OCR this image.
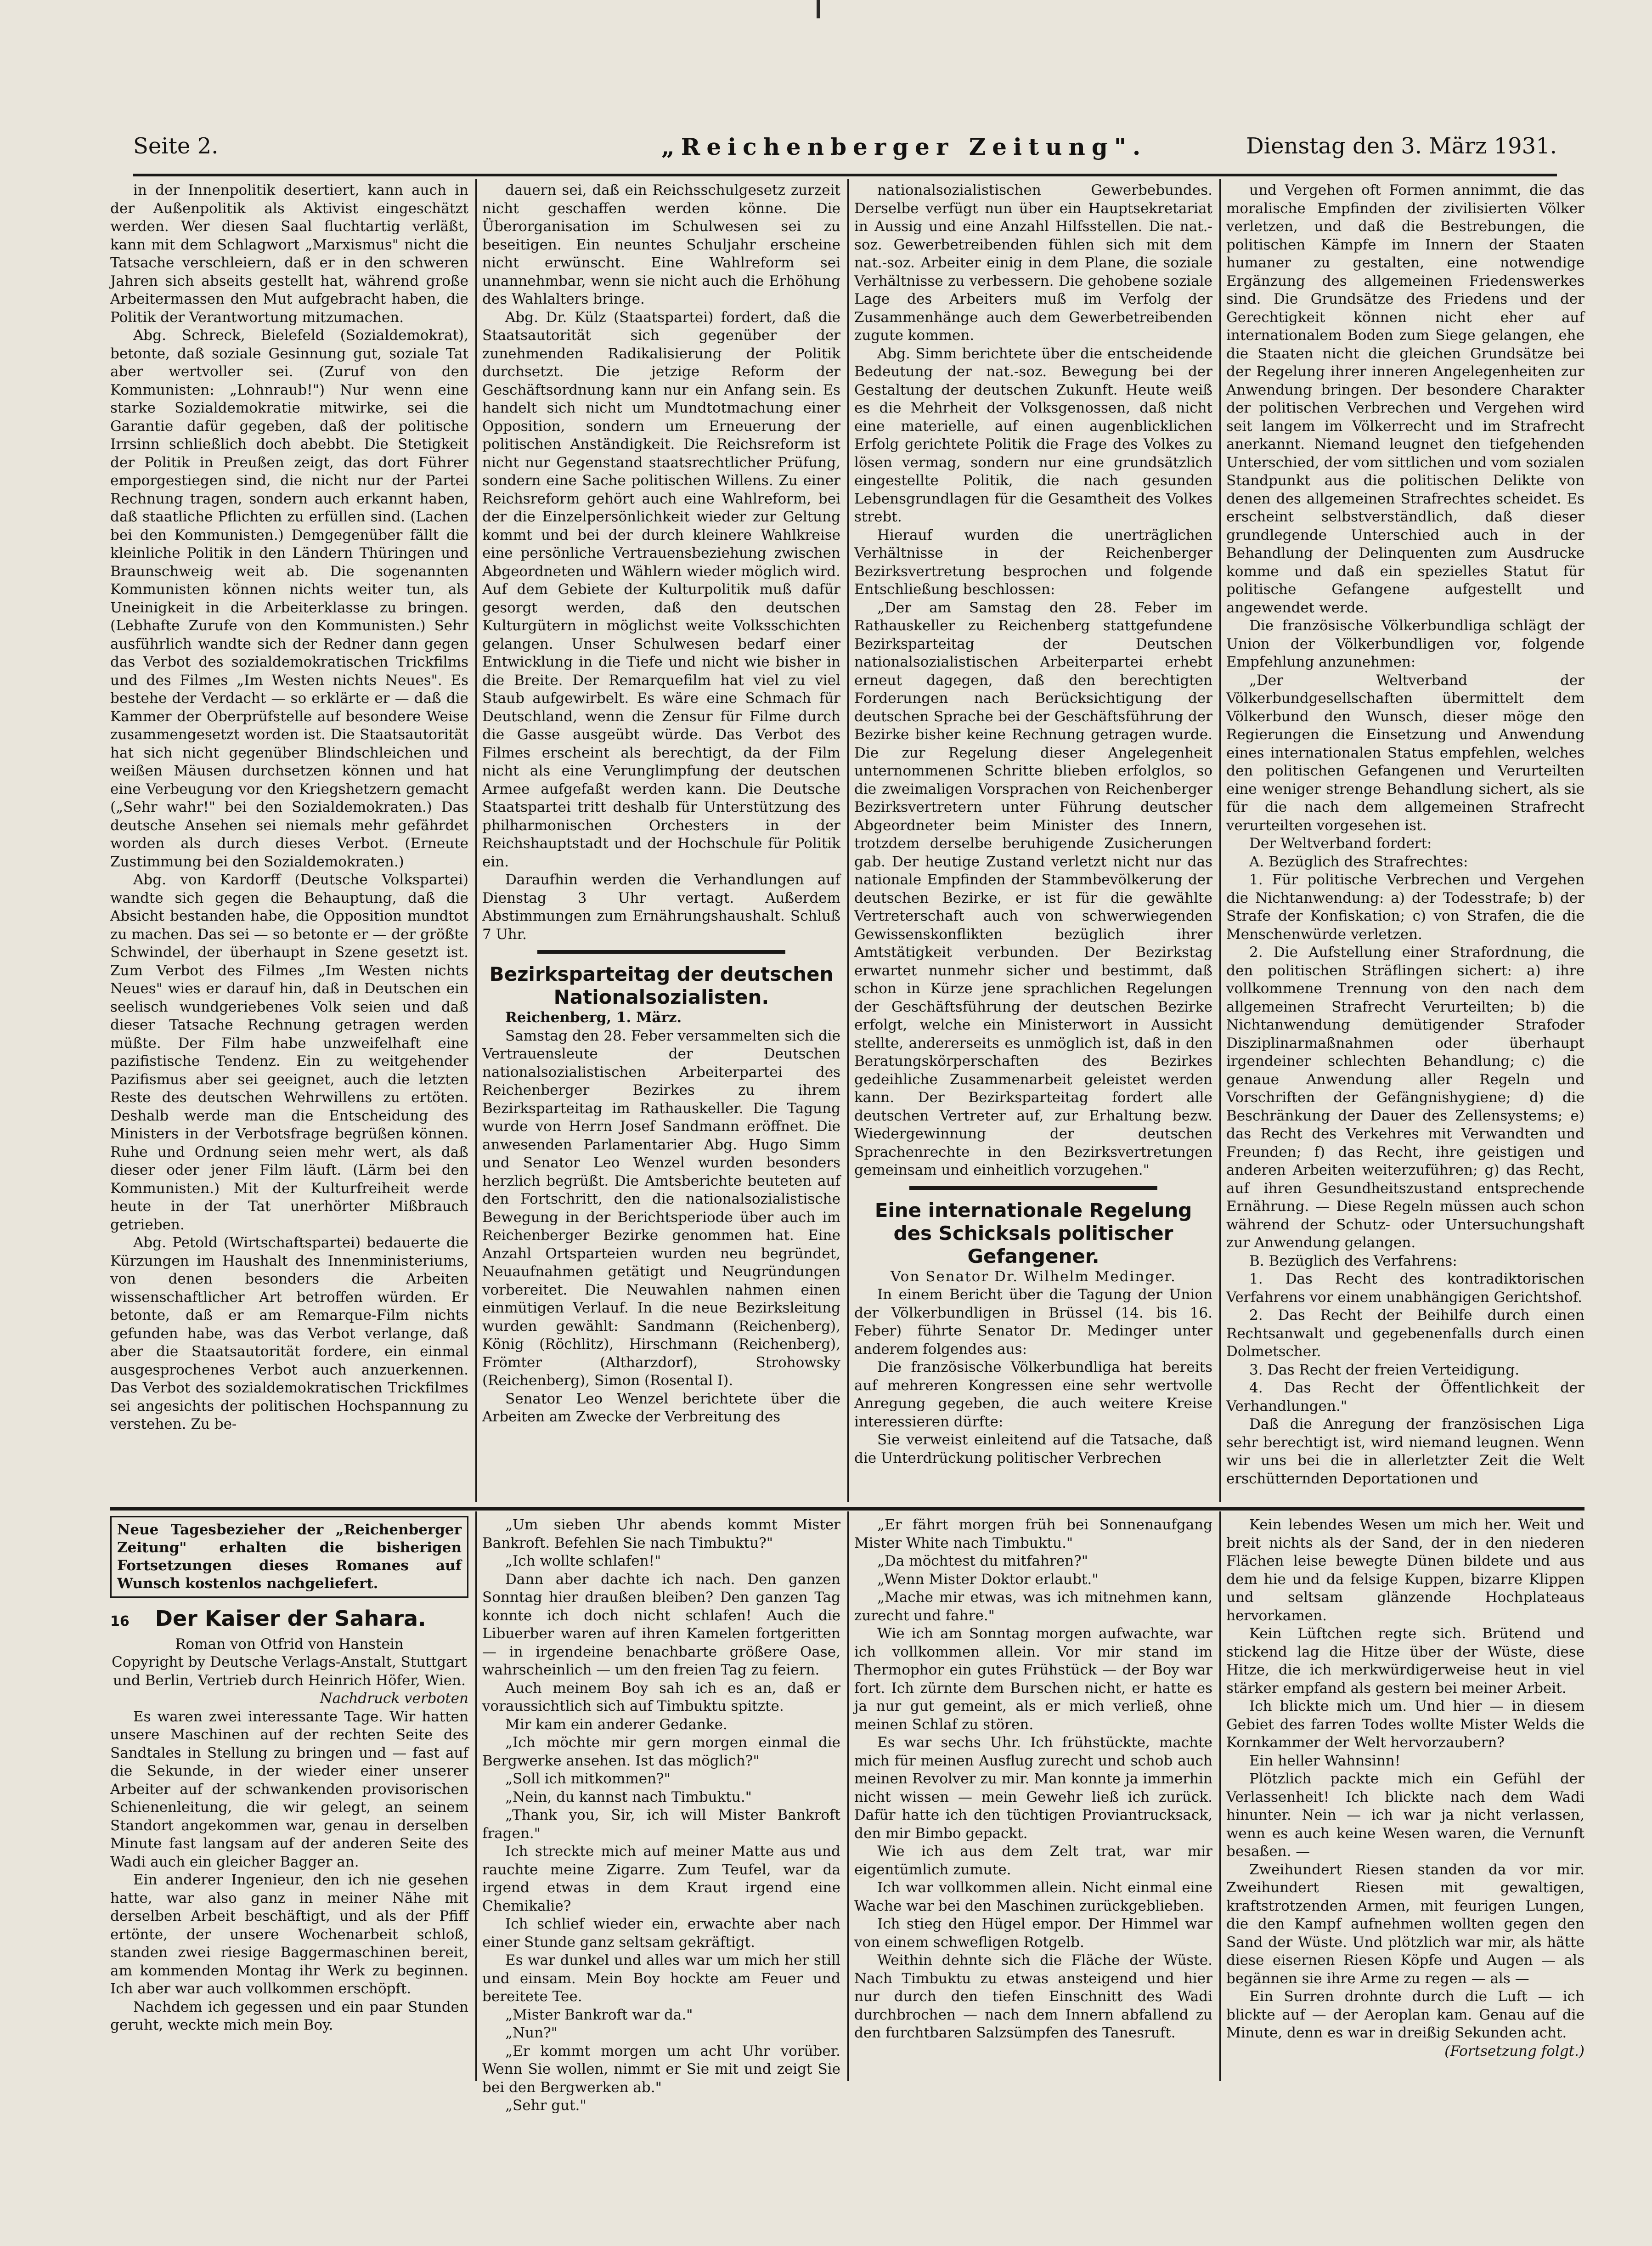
Seite 2.	„Reichenberger Zeitung".	Dienstag den 3. März 1931.

in der Innenpolitik desertiert, kann auch in der Außenpolitik als Aktivist eingeschätzt werden. Wer diesen Saal fluchtartig verläßt, kann mit dem Schlagwort „Marxismus" nicht die Tatsache verschleiern, daß er in den schweren Jahren sich abseits gestellt hat, während große Arbeitermassen den Mut aufgebracht haben, die Politik der Verantwortung mitzumachen.

Abg. Schreck, Bielefeld (Sozialdemokrat), betonte, daß soziale Gesinnung gut, soziale Tat aber wertvoller sei. (Zuruf von den Kommunisten: „Lohnraub!") Nur wenn eine starke Sozialdemokratie mitwirke, sei die Garantie dafür gegeben, daß der politische Irrsinn schließlich doch abebbt. Die Stetigkeit der Politik in Preußen zeigt, das dort Führer emporgestiegen sind, die nicht nur der Partei Rechnung tragen, sondern auch erkannt haben, daß staatliche Pflichten zu erfüllen sind. (Lachen bei den Kommunisten.) Demgegenüber fällt die kleinliche Politik in den Ländern Thüringen und Braunschweig weit ab. Die sogenannten Kommunisten können nichts weiter tun, als Uneinigkeit in die Arbeiterklasse zu bringen. (Lebhafte Zurufe von den Kommunisten.) Sehr ausführlich wandte sich der Redner dann gegen das Verbot des sozialdemokratischen Trickfilms und des Filmes „Im Westen nichts Neues". Es bestehe der Verdacht — so erklärte er — daß die Kammer der Oberprüfstelle auf besondere Weise zusammengesetzt worden ist. Die Staatsautorität hat sich nicht gegenüber Blindschleichen und weißen Mäusen durchsetzen können und hat eine Verbeugung vor den Kriegshetzern gemacht („Sehr wahr!" bei den Sozialdemokraten.) Das deutsche Ansehen sei niemals mehr gefährdet worden als durch dieses Verbot. (Erneute Zustimmung bei den Sozialdemokraten.)

Abg. von Kardorff (Deutsche Volkspartei) wandte sich gegen die Behauptung, daß die Absicht bestanden habe, die Opposition mundtot zu machen. Das sei — so betonte er — der größte Schwindel, der überhaupt in Szene gesetzt ist. Zum Verbot des Filmes „Im Westen nichts Neues" wies er darauf hin, daß in Deutschen ein seelisch wundgeriebenes Volk seien und daß dieser Tatsache Rechnung getragen werden müßte. Der Film habe unzweifelhaft eine pazifistische Tendenz. Ein zu weitgehender Pazifismus aber sei geeignet, auch die letzten Reste des deutschen Wehrwillens zu ertöten. Deshalb werde man die Entscheidung des Ministers in der Verbotsfrage begrüßen können. Ruhe und Ordnung seien mehr wert, als daß dieser oder jener Film läuft. (Lärm bei den Kommunisten.) Mit der Kulturfreiheit werde heute in der Tat unerhörter Mißbrauch getrieben.

Abg. Petold (Wirtschaftspartei) bedauerte die Kürzungen im Haushalt des Innenministeriums, von denen besonders die Arbeiten wissenschaftlicher Art betroffen würden. Er betonte, daß er am Remarque-Film nichts gefunden habe, was das Verbot verlange, daß aber die Staatsautorität fordere, ein einmal ausgesprochenes Verbot auch anzuerkennen. Das Verbot des sozialdemokratischen Trickfilmes sei angesichts der politischen Hochspannung zu verstehen. Zu be-

dauern sei, daß ein Reichsschulgesetz zurzeit nicht geschaffen werden könne. Die Überorganisation im Schulwesen sei zu beseitigen. Ein neuntes Schuljahr erscheine nicht erwünscht. Eine Wahlreform sei unannehmbar, wenn sie nicht auch die Erhöhung des Wahlalters bringe.

Abg. Dr. Külz (Staatspartei) fordert, daß die Staatsautorität sich gegenüber der zunehmenden Radikalisierung der Politik durchsetzt. Die jetzige Reform der Geschäftsordnung kann nur ein Anfang sein. Es handelt sich nicht um Mundtotmachung einer Opposition, sondern um Erneuerung der politischen Anständigkeit. Die Reichsreform ist nicht nur Gegenstand staatsrechtlicher Prüfung, sondern eine Sache politischen Willens. Zu einer Reichsreform gehört auch eine Wahlreform, bei der die Einzelpersönlichkeit wieder zur Geltung kommt und bei der durch kleinere Wahlkreise eine persönliche Vertrauensbeziehung zwischen Abgeordneten und Wählern wieder möglich wird. Auf dem Gebiete der Kulturpolitik muß dafür gesorgt werden, daß den deutschen Kulturgütern in möglichst weite Volksschichten gelangen. Unser Schulwesen bedarf einer Entwicklung in die Tiefe und nicht wie bisher in die Breite. Der Remarquefilm hat viel zu viel Staub aufgewirbelt. Es wäre eine Schmach für Deutschland, wenn die Zensur für Filme durch die Gasse ausgeübt würde. Das Verbot des Filmes erscheint als berechtigt, da der Film nicht als eine Verunglimpfung der deutschen Armee aufgefaßt werden kann. Die Deutsche Staatspartei tritt deshalb für Unterstützung des philharmonischen Orchesters in der Reichshauptstadt und der Hochschule für Politik ein.

Daraufhin werden die Verhandlungen auf Dienstag 3 Uhr vertagt. Außerdem Abstimmungen zum Ernährungshaushalt. Schluß 7 Uhr.

Bezirksparteitag der deutschen Nationalsozialisten.

Reichenberg, 1. März.

Samstag den 28. Feber versammelten sich die Vertrauensleute der Deutschen nationalsozialistischen Arbeiterpartei des Reichenberger Bezirkes zu ihrem Bezirksparteitag im Rathauskeller. Die Tagung wurde von Herrn Josef Sandmann eröffnet. Die anwesenden Parlamentarier Abg. Hugo Simm und Senator Leo Wenzel wurden besonders herzlich begrüßt. Die Amtsberichte beuteten auf den Fortschritt, den die nationalsozialistische Bewegung in der Berichtsperiode über auch im Reichenberger Bezirke genommen hat. Eine Anzahl Ortsparteien wurden neu begründet, Neuaufnahmen getätigt und Neugründungen vorbereitet. Die Neuwahlen nahmen einen einmütigen Verlauf. In die neue Bezirksleitung wurden gewählt: Sandmann (Reichenberg), König (Röchlitz), Hirschmann (Reichenberg), Frömter (Altharzdorf), Strohowsky (Reichenberg), Simon (Rosental I).

Senator Leo Wenzel berichtete über die Arbeiten am Zwecke der Verbreitung des

nationalsozialistischen Gewerbebundes. Derselbe verfügt nun über ein Hauptsekretariat in Aussig und eine Anzahl Hilfsstellen. Die nat.-soz. Gewerbetreibenden fühlen sich mit dem nat.-soz. Arbeiter einig in dem Plane, die soziale Verhältnisse zu verbessern. Die gehobene soziale Lage des Arbeiters muß im Verfolg der Zusammenhänge auch dem Gewerbetreibenden zugute kommen.

Abg. Simm berichtete über die entscheidende Bedeutung der nat.-soz. Bewegung bei der Gestaltung der deutschen Zukunft. Heute weiß es die Mehrheit der Volksgenossen, daß nicht eine materielle, auf einen augenblicklichen Erfolg gerichtete Politik die Frage des Volkes zu lösen vermag, sondern nur eine grundsätzlich eingestellte Politik, die nach gesunden Lebensgrundlagen für die Gesamtheit des Volkes strebt.

Hierauf wurden die unerträglichen Verhältnisse in der Reichenberger Bezirksvertretung besprochen und folgende Entschließung beschlossen:

„Der am Samstag den 28. Feber im Rathauskeller zu Reichenberg stattgefundene Bezirksparteitag der Deutschen nationalsozialistischen Arbeiterpartei erhebt erneut dagegen, daß den berechtigten Forderungen nach Berücksichtigung der deutschen Sprache bei der Geschäftsführung der Bezirke bisher keine Rechnung getragen wurde. Die zur Regelung dieser Angelegenheit unternommenen Schritte blieben erfolglos, so die zweimaligen Vorsprachen von Reichenberger Bezirksvertretern unter Führung deutscher Abgeordneter beim Minister des Innern, trotzdem derselbe beruhigende Zusicherungen gab. Der heutige Zustand verletzt nicht nur das nationale Empfinden der Stammbevölkerung der deutschen Bezirke, er ist für die gewählte Vertreterschaft auch von schwerwiegenden Gewissenskonflikten bezüglich ihrer Amtstätigkeit verbunden. Der Bezirkstag erwartet nunmehr sicher und bestimmt, daß schon in Kürze jene sprachlichen Regelungen der Geschäftsführung der deutschen Bezirke erfolgt, welche ein Ministerwort in Aussicht stellte, andererseits es unmöglich ist, daß in den Beratungskörperschaften des Bezirkes gedeihliche Zusammenarbeit geleistet werden kann. Der Bezirksparteitag fordert alle deutschen Vertreter auf, zur Erhaltung bezw. Wiedergewinnung der deutschen Sprachenrechte in den Bezirksvertretungen gemeinsam und einheitlich vorzugehen."

Eine internationale Regelung des Schicksals politischer Gefangener.

Von Senator Dr. Wilhelm Medinger.

In einem Bericht über die Tagung der Union der Völkerbundligen in Brüssel (14. bis 16. Feber) führte Senator Dr. Medinger unter anderem folgendes aus:

Die französische Völkerbundliga hat bereits auf mehreren Kongressen eine sehr wertvolle Anregung gegeben, die auch weitere Kreise interessieren dürfte:

Sie verweist einleitend auf die Tatsache, daß die Unterdrückung politischer Verbrechen

und Vergehen oft Formen annimmt, die das moralische Empfinden der zivilisierten Völker verletzen, und daß die Bestrebungen, die politischen Kämpfe im Innern der Staaten humaner zu gestalten, eine notwendige Ergänzung des allgemeinen Friedenswerkes sind. Die Grundsätze des Friedens und der Gerechtigkeit können nicht eher auf internationalem Boden zum Siege gelangen, ehe die Staaten nicht die gleichen Grundsätze bei der Regelung ihrer inneren Angelegenheiten zur Anwendung bringen. Der besondere Charakter der politischen Verbrechen und Vergehen wird seit langem im Völkerrecht und im Strafrecht anerkannt. Niemand leugnet den tiefgehenden Unterschied, der vom sittlichen und vom sozialen Standpunkt aus die politischen Delikte von denen des allgemeinen Strafrechtes scheidet. Es erscheint selbstverständlich, daß dieser grundlegende Unterschied auch in der Behandlung der Delinquenten zum Ausdrucke komme und daß ein spezielles Statut für politische Gefangene aufgestellt und angewendet werde.

Die französische Völkerbundliga schlägt der Union der Völkerbundligen vor, folgende Empfehlung anzunehmen:

„Der Weltverband der Völkerbundgesellschaften übermittelt dem Völkerbund den Wunsch, dieser möge den Regierungen die Einsetzung und Anwendung eines internationalen Status empfehlen, welches den politischen Gefangenen und Verurteilten eine weniger strenge Behandlung sichert, als sie für die nach dem allgemeinen Strafrecht verurteilten vorgesehen ist.

Der Weltverband fordert:

A. Bezüglich des Strafrechtes:

1. Für politische Verbrechen und Vergehen die Nichtanwendung: a) der Todesstrafe; b) der Strafe der Konfiskation; c) von Strafen, die die Menschenwürde verletzen.

2. Die Aufstellung einer Strafordnung, die den politischen Sträflingen sichert: a) ihre vollkommene Trennung von den nach dem allgemeinen Strafrecht Verurteilten; b) die Nichtanwendung demütigender Strafoder Disziplinarmaßnahmen oder überhaupt irgendeiner schlechten Behandlung; c) die genaue Anwendung aller Regeln und Vorschriften der Gefängnishygiene; d) die Beschränkung der Dauer des Zellensystems; e) das Recht des Verkehres mit Verwandten und Freunden; f) das Recht, ihre geistigen und anderen Arbeiten weiterzuführen; g) das Recht, auf ihren Gesundheitszustand entsprechende Ernährung. — Diese Regeln müssen auch schon während der Schutz- oder Untersuchungshaft zur Anwendung gelangen.

B. Bezüglich des Verfahrens:

1. Das Recht des kontradiktorischen Verfahrens vor einem unabhängigen Gerichtshof.

2. Das Recht der Beihilfe durch einen Rechtsanwalt und gegebenenfalls durch einen Dolmetscher.

3. Das Recht der freien Verteidigung.

4. Das Recht der Öffentlichkeit der Verhandlungen."

Daß die Anregung der französischen Liga sehr berechtigt ist, wird niemand leugnen. Wenn wir uns bei die in allerletzter Zeit die Welt erschütternden Deportationen und

Neue Tagesbezieher der „Reichenberger Zeitung" erhalten die bisherigen Fortsetzungen dieses Romanes auf Wunsch kostenlos nachgeliefert.

16 Der Kaiser der Sahara.

Roman von Otfrid von Hanstein

Copyright by Deutsche Verlags-Anstalt, Stuttgart und Berlin, Vertrieb durch Heinrich Höfer, Wien.

Nachdruck verboten

Es waren zwei interessante Tage. Wir hatten unsere Maschinen auf der rechten Seite des Sandtales in Stellung zu bringen und — fast auf die Sekunde, in der wieder einer unserer Arbeiter auf der schwankenden provisorischen Schienenleitung, die wir gelegt, an seinem Standort angekommen war, genau in derselben Minute fast langsam auf der anderen Seite des Wadi auch ein gleicher Bagger an.

Ein anderer Ingenieur, den ich nie gesehen hatte, war also ganz in meiner Nähe mit derselben Arbeit beschäftigt, und als der Pfiff ertönte, der unsere Wochenarbeit schloß, standen zwei riesige Baggermaschinen bereit, am kommenden Montag ihr Werk zu beginnen. Ich aber war auch vollkommen erschöpft.

Nachdem ich gegessen und ein paar Stunden geruht, weckte mich mein Boy.

„Um sieben Uhr abends kommt Mister Bankroft. Befehlen Sie nach Timbuktu?"

„Ich wollte schlafen!"

Dann aber dachte ich nach. Den ganzen Sonntag hier draußen bleiben? Den ganzen Tag konnte ich doch nicht schlafen! Auch die Libuerber waren auf ihren Kamelen fortgeritten — in irgendeine benachbarte größere Oase, wahrscheinlich — um den freien Tag zu feiern.

Auch meinem Boy sah ich es an, daß er voraussichtlich sich auf Timbuktu spitzte.

Mir kam ein anderer Gedanke.

„Ich möchte mir gern morgen einmal die Bergwerke ansehen. Ist das möglich?"

„Soll ich mitkommen?"

„Nein, du kannst nach Timbuktu."

„Thank you, Sir, ich will Mister Bankroft fragen."

Ich streckte mich auf meiner Matte aus und rauchte meine Zigarre. Zum Teufel, war da irgend etwas in dem Kraut irgend eine Chemikalie?

Ich schlief wieder ein, erwachte aber nach einer Stunde ganz seltsam gekräftigt.

Es war dunkel und alles war um mich her still und einsam. Mein Boy hockte am Feuer und bereitete Tee.

„Mister Bankroft war da."

„Nun?"

„Er kommt morgen um acht Uhr vorüber. Wenn Sie wollen, nimmt er Sie mit und zeigt Sie bei den Bergwerken ab."

„Sehr gut."

„Er fährt morgen früh bei Sonnenaufgang Mister White nach Timbuktu."

„Da möchtest du mitfahren?"

„Wenn Mister Doktor erlaubt."

„Mache mir etwas, was ich mitnehmen kann, zurecht und fahre."

Wie ich am Sonntag morgen aufwachte, war ich vollkommen allein. Vor mir stand im Thermophor ein gutes Frühstück — der Boy war fort. Ich zürnte dem Burschen nicht, er hatte es ja nur gut gemeint, als er mich verließ, ohne meinen Schlaf zu stören.

Es war sechs Uhr. Ich frühstückte, machte mich für meinen Ausflug zurecht und schob auch meinen Revolver zu mir. Man konnte ja immerhin nicht wissen — mein Gewehr ließ ich zurück. Dafür hatte ich den tüchtigen Proviantrucksack, den mir Bimbo gepackt.

Wie ich aus dem Zelt trat, war mir eigentümlich zumute.

Ich war vollkommen allein. Nicht einmal eine Wache war bei den Maschinen zurückgeblieben.

Ich stieg den Hügel empor. Der Himmel war von einem schwefligen Rotgelb.

Weithin dehnte sich die Fläche der Wüste. Nach Timbuktu zu etwas ansteigend und hier nur durch den tiefen Einschnitt des Wadi durchbrochen — nach dem Innern abfallend zu den furchtbaren Salzsümpfen des Tanesruft.

Kein lebendes Wesen um mich her. Weit und breit nichts als der Sand, der in den niederen Flächen leise bewegte Dünen bildete und aus dem hie und da felsige Kuppen, bizarre Klippen und seltsam glänzende Hochplateaus hervorkamen.

Kein Lüftchen regte sich. Brütend und stickend lag die Hitze über der Wüste, diese Hitze, die ich merkwürdigerweise heut in viel stärker empfand als gestern bei meiner Arbeit.

Ich blickte mich um. Und hier — in diesem Gebiet des farren Todes wollte Mister Welds die Kornkammer der Welt hervorzaubern?

Ein heller Wahnsinn!

Plötzlich packte mich ein Gefühl der Verlassenheit! Ich blickte nach dem Wadi hinunter. Nein — ich war ja nicht verlassen, wenn es auch keine Wesen waren, die Vernunft besaßen. —

Zweihundert Riesen standen da vor mir. Zweihundert Riesen mit gewaltigen, kraftstrotzenden Armen, mit feurigen Lungen, die den Kampf aufnehmen wollten gegen den Sand der Wüste. Und plötzlich war mir, als hätte diese eisernen Riesen Köpfe und Augen — als begännen sie ihre Arme zu regen — als —

Ein Surren drohnte durch die Luft — ich blickte auf — der Aeroplan kam. Genau auf die Minute, denn es war in dreißig Sekunden acht.

(Fortsetzung folgt.)
